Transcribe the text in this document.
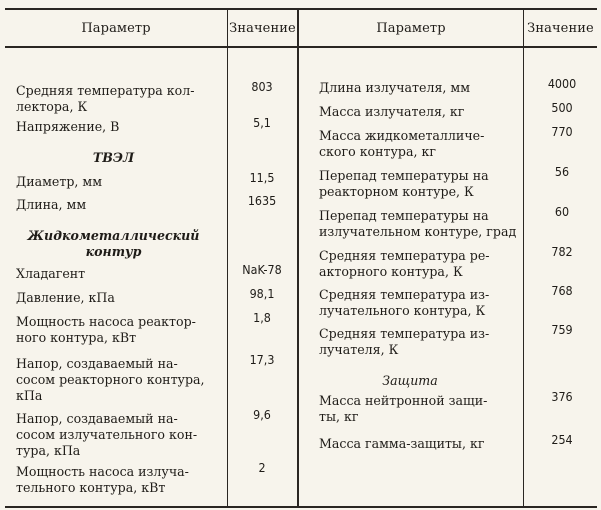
Параметр	Значение	Параметр	Значение
Средняя температура кол-
лектора, К
803
Напряжение, В	5,1
ТВЭЛ
Диаметр, мм	11,5
Длина, мм	1635
Жидкометаллический
контур
Хладагент	NaK-78
Давление, кПа	98,1
Мощность насоса реактор-
ного контура, кВт
1,8
Напор, создаваемый на-
сосом реакторного контура,
кПа
17,3
Напор, создаваемый на-
сосом излучательного кон-
тура, кПа
9,6
Мощность насоса излуча-
тельного контура, кВт
2
Длина излучателя, мм	4000
Масса излучателя, кг	500
Масса жидкометалличе-
ского контура, кг
770
Перепад температуры на
реакторном контуре, К
56
Перепад температуры на
излучательном контуре, град
60
Средняя температура ре-
акторного контура, К
782
Средняя температура из-
лучательного контура, К
768
Средняя температура из-
лучателя, К
759
Защита
Масса нейтронной защи-
ты, кг
376
Масса гамма-защиты, кг	254
